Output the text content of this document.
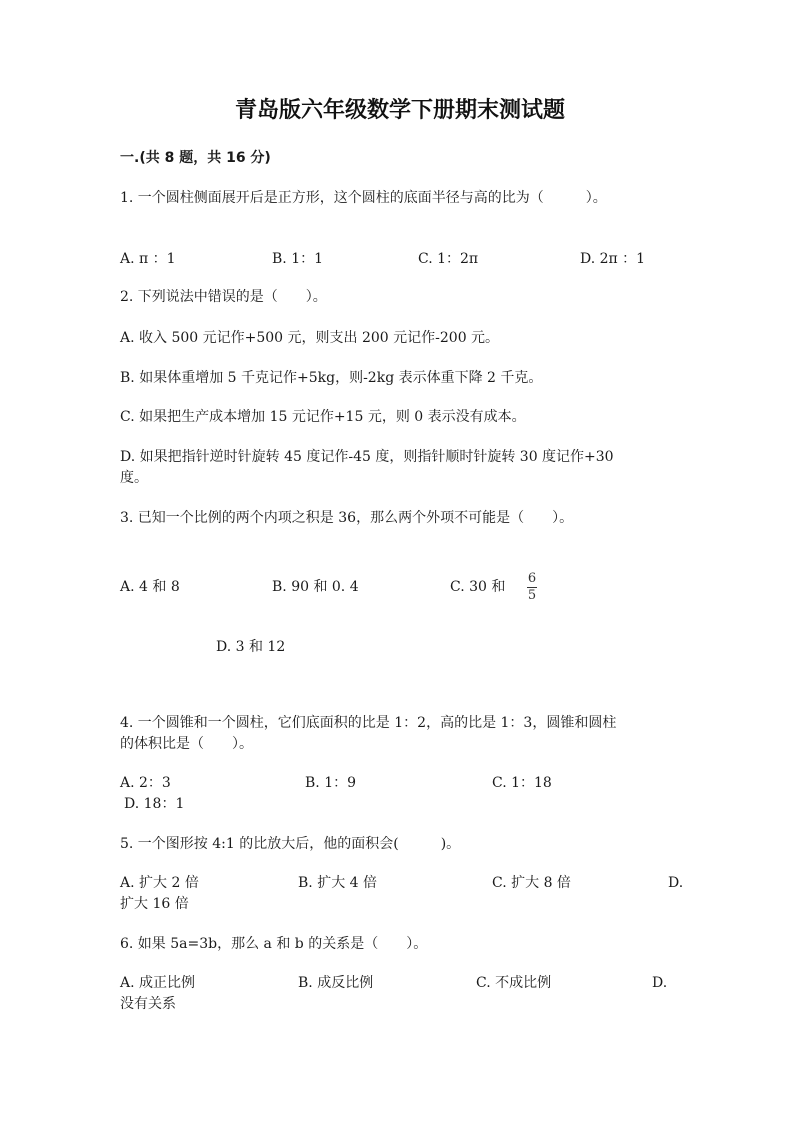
青岛版六年级数学下册期末测试题
一.(共 8 题，共 16 分)
1. 一个圆柱侧面展开后是正方形，这个圆柱的底面半径与高的比为（　　　）。
A. π ：1	B. 1：1	C. 1：2π	D. 2π ：1
2. 下列说法中错误的是（　　）。
A. 收入 500 元记作+500 元，则支出 200 元记作-200 元。
B. 如果体重增加 5 千克记作+5kg，则-2kg 表示体重下降 2 千克。
C. 如果把生产成本增加 15 元记作+15 元，则 0 表示没有成本。
D. 如果把指针逆时针旋转 45 度记作-45 度，则指针顺时针旋转 30 度记作+30
度。
3. 已知一个比例的两个内项之积是 36，那么两个外项不可能是（　　）。
A. 4 和 8	B. 90 和 0. 4	C. 30 和
6
5
D. 3 和 12
4. 一个圆锥和一个圆柱，它们底面积的比是 1：2，高的比是 1：3，圆锥和圆柱
的体积比是（　　）。
A. 2：3	B. 1：9	C. 1：18
D. 18：1
5. 一个图形按 4:1 的比放大后，他的面积会(　　　)。
A. 扩大 2 倍	B. 扩大 4 倍	C. 扩大 8 倍	D.
扩大 16 倍
6. 如果 5a=3b，那么 a 和 b 的关系是（　　）。
A. 成正比例	B. 成反比例	C. 不成比例	D.
没有关系
